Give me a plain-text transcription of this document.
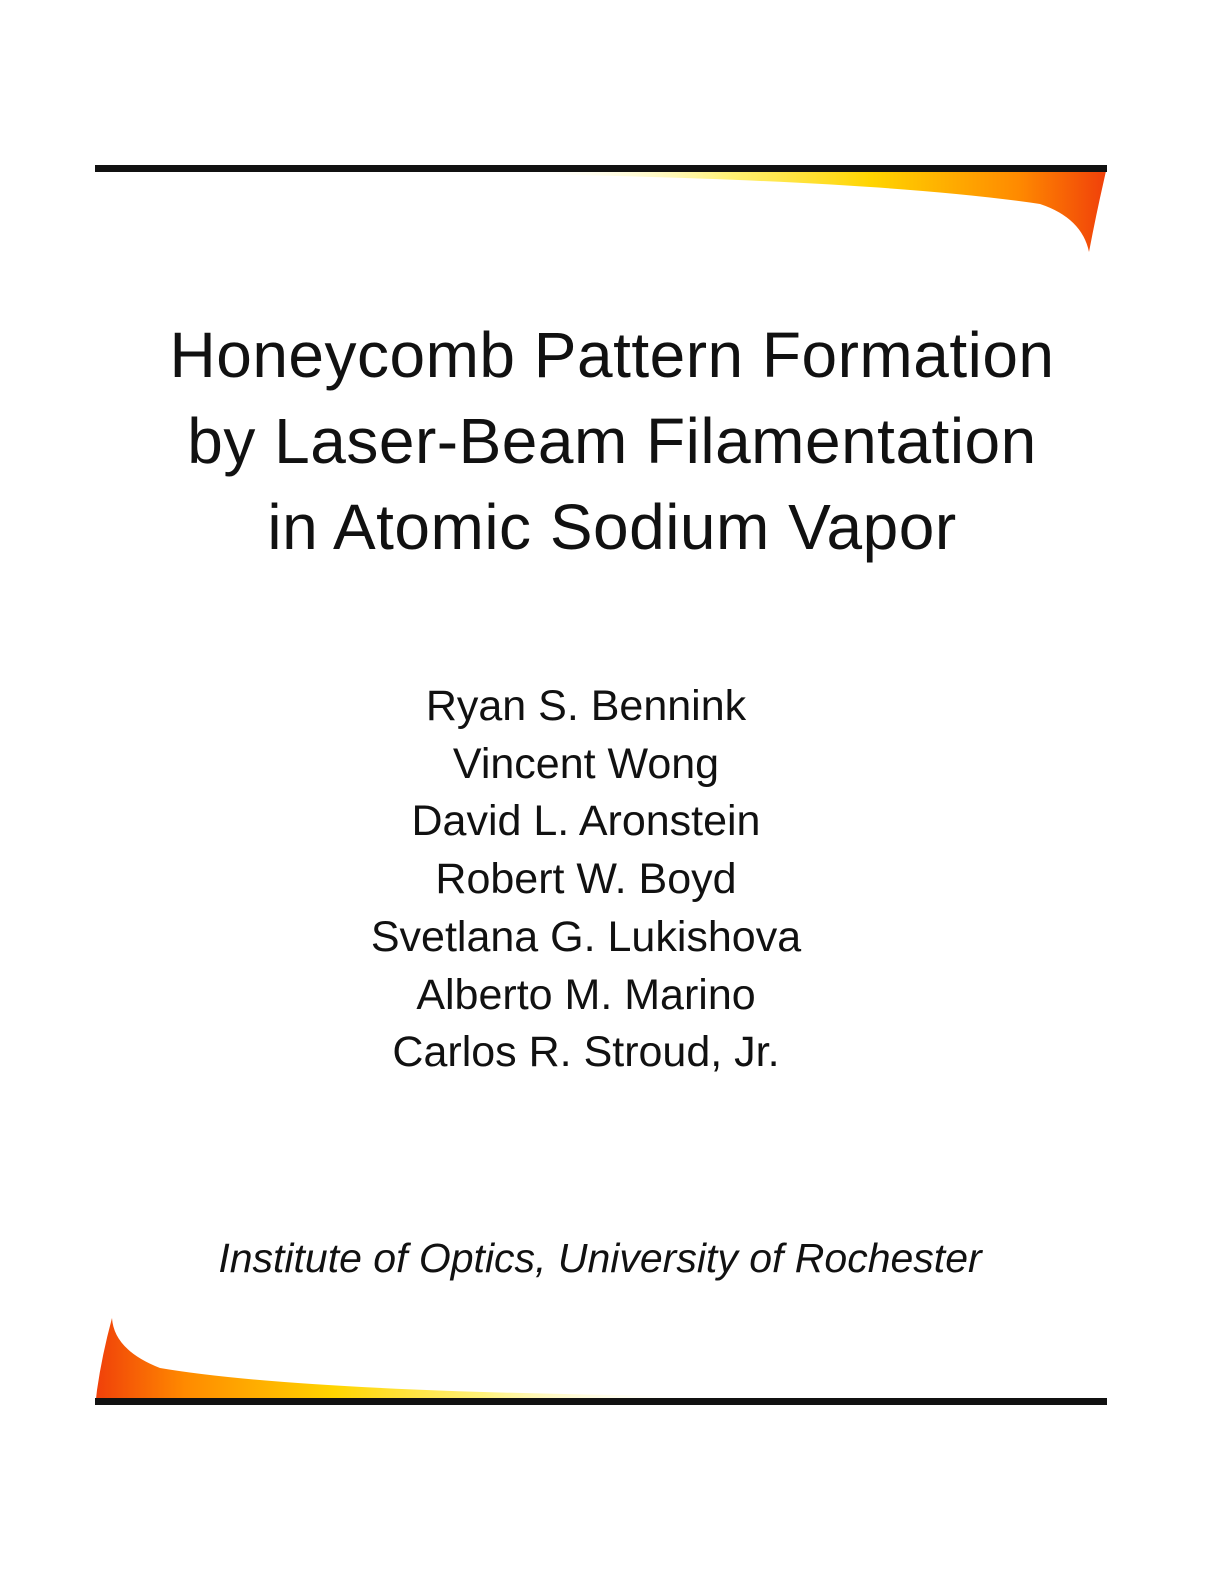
Honeycomb Pattern Formation
by Laser-Beam Filamentation
in Atomic Sodium Vapor
Ryan S. Bennink
Vincent Wong
David L. Aronstein
Robert W. Boyd
Svetlana G. Lukishova
Alberto M. Marino
Carlos R. Stroud, Jr.
Institute of Optics, University of Rochester
